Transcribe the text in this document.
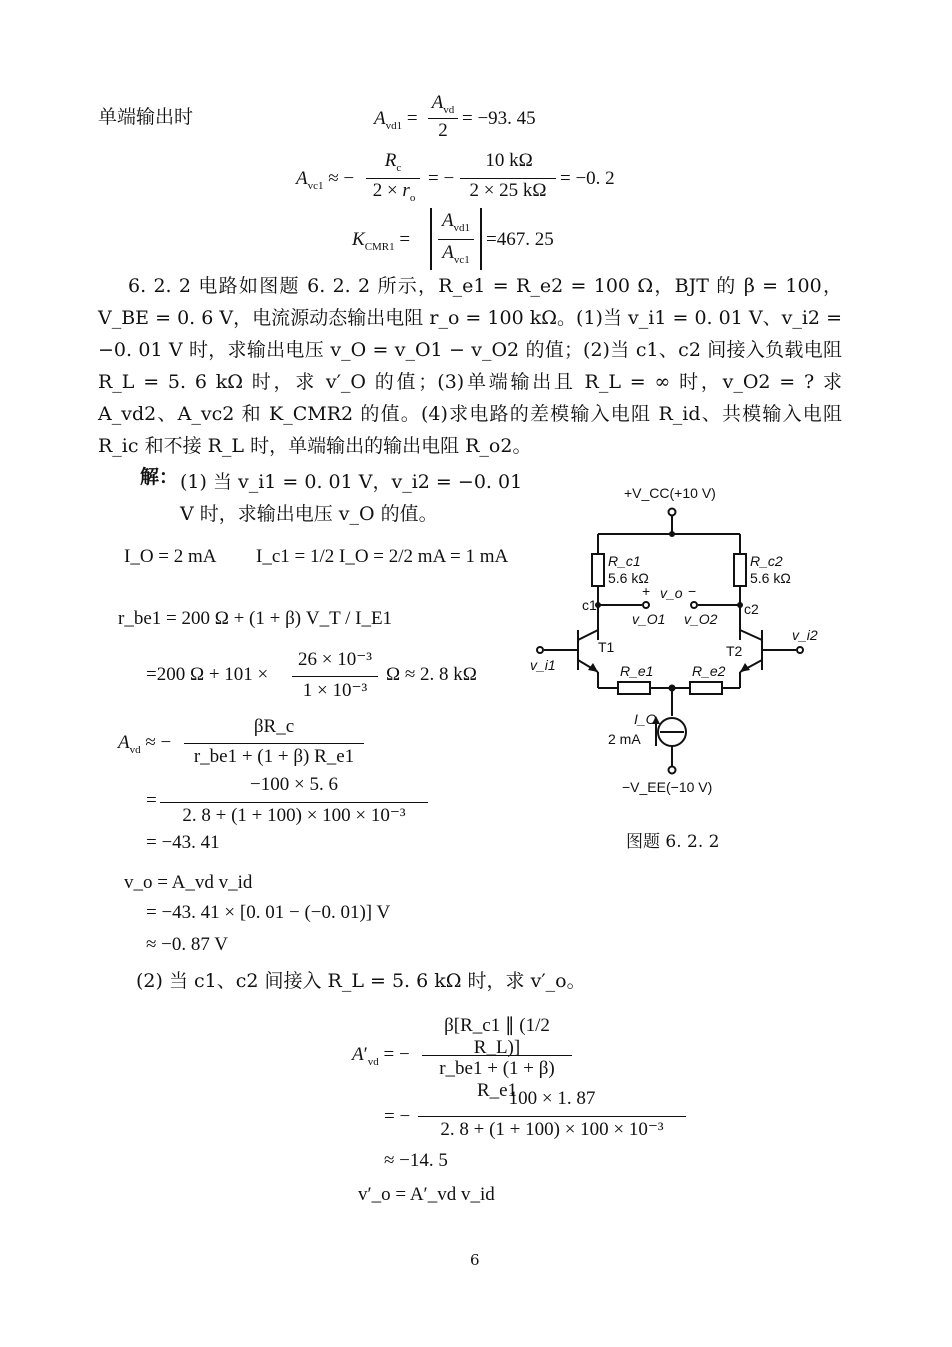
单端输出时	$A_{vd1}$ =
$A_{vd}$
2
= −93. 45
$A_{vc1}$ ≈ −
$R_c$
$2 \times r_o$
= −
10 kΩ
2 × 25 kΩ
= −0. 2
$K_{CMR1}$ =
$A_{vd1}$
$A_{vc1}$
=467. 25
6. 2. 2 电路如图题 6. 2. 2 所示，R_e1 = R_e2 = 100 Ω，BJT 的 β = 100，V_BE = 0. 6 V，电流源动态输出电阻 r_o = 100 kΩ。(1)当 v_i1 = 0. 01 V、v_i2 = −0. 01 V 时，求输出电压 v_O = v_O1 − v_O2 的值；(2)当 c1、c2 间接入负载电阻 R_L = 5. 6 kΩ 时，求 v′_O 的值；(3)单端输出且 R_L = ∞ 时，v_O2 = ? 求 A_vd2、A_vc2 和 K_CMR2 的值。(4)求电路的差模输入电阻 R_id、共模输入电阻 R_ic 和不接 R_L 时，单端输出的输出电阻 R_o2。
解： (1) 当 v_i1 = 0. 01 V，v_i2 = −0. 01 V 时，求输出电压 v_O 的值。
I_O = 2 mA I_c1 = 1/2 I_O = 2/2 mA = 1 mA
r_be1 = 200 Ω + (1 + β) V_T / I_E1
=200 Ω + 101 ×
26 × 10⁻³
1 × 10⁻³
Ω ≈ 2. 8 kΩ
$A_{vd}$ ≈ −
βR_c
r_be1 + (1 + β) R_e1
=
−100 × 5. 6
2. 8 + (1 + 100) × 100 × 10⁻³
= −43. 41
v_o = A_vd v_id
= −43. 41 × [0. 01 − (−0. 01)] V
≈ −0. 87 V
(2) 当 c1、c2 间接入 R_L = 5. 6 kΩ 时，求 v′_o。
$A'_{vd}$ = −
β[R_c1 ∥ (1/2 R_L)]
r_be1 + (1 + β) R_e1
= −
100 × 1. 87
2. 8 + (1 + 100) × 100 × 10⁻³
≈ −14. 5
v′_o = A′_vd v_id
+V_CC(+10 V)
R_c1
5.6 kΩ
R_c2
5.6 kΩ
c1	c2
+ v_o −
v_O1 v_O2
T1	T2
R_e1	R_e2
v_i1
v_i2
I_O
2 mA
−V_EE(−10 V)
图题 6. 2. 2
6
